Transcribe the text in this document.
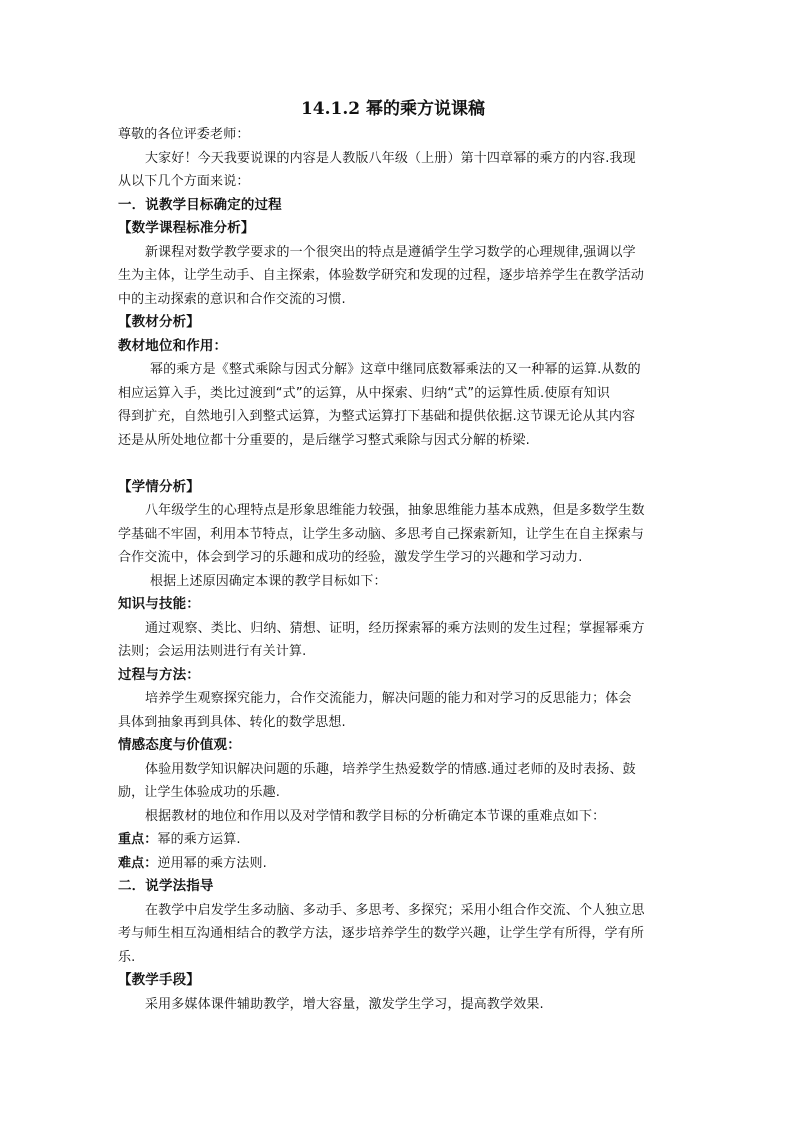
14.1.2 幂的乘方说课稿
尊敬的各位评委老师：
大家好！今天我要说课的内容是人教版八年级（上册）第十四章幂的乘方的内容.我现
从以下几个方面来说：
一．说教学目标确定的过程
【数学课程标准分析】
新课程对数学教学要求的一个很突出的特点是遵循学生学习数学的心理规律,强调以学
生为主体，让学生动手、自主探索，体验数学研究和发现的过程，逐步培养学生在教学活动
中的主动探索的意识和合作交流的习惯.
【教材分析】
教材地位和作用：
幂的乘方是《整式乘除与因式分解》这章中继同底数幂乘法的又一种幂的运算.从数的
相应运算入手，类比过渡到“式”的运算，从中探索、归纳“式”的运算性质.使原有知识
得到扩充，自然地引入到整式运算，为整式运算打下基础和提供依据.这节课无论从其内容
还是从所处地位都十分重要的，是后继学习整式乘除与因式分解的桥梁.
【学情分析】
八年级学生的心理特点是形象思维能力较强，抽象思维能力基本成熟，但是多数学生数
学基础不牢固，利用本节特点，让学生多动脑、多思考自己探索新知，让学生在自主探索与
合作交流中，体会到学习的乐趣和成功的经验，激发学生学习的兴趣和学习动力.
根据上述原因确定本课的教学目标如下：
知识与技能：
通过观察、类比、归纳、猜想、证明，经历探索幂的乘方法则的发生过程；掌握幂乘方
法则；会运用法则进行有关计算.
过程与方法：
培养学生观察探究能力，合作交流能力，解决问题的能力和对学习的反思能力；体会
具体到抽象再到具体、转化的数学思想.
情感态度与价值观：
体验用数学知识解决问题的乐趣，培养学生热爱数学的情感.通过老师的及时表扬、鼓
励，让学生体验成功的乐趣.
根据教材的地位和作用以及对学情和教学目标的分析确定本节课的重难点如下：
重点：幂的乘方运算.
难点：逆用幂的乘方法则.
二．说学法指导
在教学中启发学生多动脑、多动手、多思考、多探究；采用小组合作交流、个人独立思
考与师生相互沟通相结合的教学方法，逐步培养学生的数学兴趣，让学生学有所得，学有所
乐.
【教学手段】
采用多媒体课件辅助教学，增大容量，激发学生学习，提高教学效果.
